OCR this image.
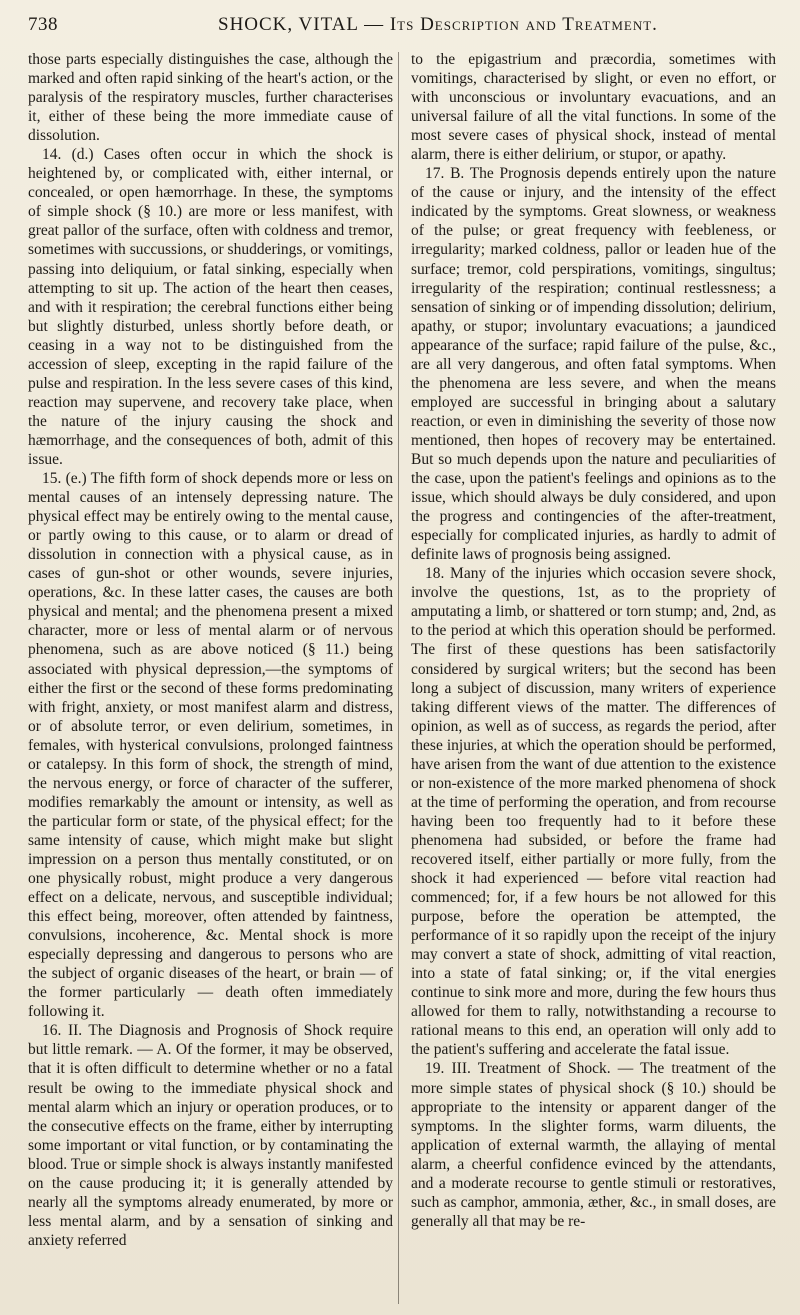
738	SHOCK, VITAL — Its Description and Treatment.

those parts especially distinguishes the case, although the marked and often rapid sinking of the heart's action, or the paralysis of the respiratory muscles, further characterises it, either of these being the more immediate cause of dissolution.

14. (d.) Cases often occur in which the shock is heightened by, or complicated with, either internal, or concealed, or open hæmorrhage. In these, the symptoms of simple shock (§ 10.) are more or less manifest, with great pallor of the surface, often with coldness and tremor, sometimes with succussions, or shudderings, or vomitings, passing into deliquium, or fatal sinking, especially when attempting to sit up. The action of the heart then ceases, and with it respiration; the cerebral functions either being but slightly disturbed, unless shortly before death, or ceasing in a way not to be distinguished from the accession of sleep, excepting in the rapid failure of the pulse and respiration. In the less severe cases of this kind, reaction may supervene, and recovery take place, when the nature of the injury causing the shock and hæmorrhage, and the consequences of both, admit of this issue.

15. (e.) The fifth form of shock depends more or less on mental causes of an intensely depressing nature. The physical effect may be entirely owing to the mental cause, or partly owing to this cause, or to alarm or dread of dissolution in connection with a physical cause, as in cases of gun-shot or other wounds, severe injuries, operations, &c. In these latter cases, the causes are both physical and mental; and the phenomena present a mixed character, more or less of mental alarm or of nervous phenomena, such as are above noticed (§ 11.) being associated with physical depression,—the symptoms of either the first or the second of these forms predominating with fright, anxiety, or most manifest alarm and distress, or of absolute terror, or even delirium, sometimes, in females, with hysterical convulsions, prolonged faintness or catalepsy. In this form of shock, the strength of mind, the nervous energy, or force of character of the sufferer, modifies remarkably the amount or intensity, as well as the particular form or state, of the physical effect; for the same intensity of cause, which might make but slight impression on a person thus mentally constituted, or on one physically robust, might produce a very dangerous effect on a delicate, nervous, and susceptible individual; this effect being, moreover, often attended by faintness, convulsions, incoherence, &c. Mental shock is more especially depressing and dangerous to persons who are the subject of organic diseases of the heart, or brain — of the former particularly — death often immediately following it.

16. II. The Diagnosis and Prognosis of Shock require but little remark. — A. Of the former, it may be observed, that it is often difficult to determine whether or no a fatal result be owing to the immediate physical shock and mental alarm which an injury or operation produces, or to the consecutive effects on the frame, either by interrupting some important or vital function, or by contaminating the blood. True or simple shock is always instantly manifested on the cause producing it; it is generally attended by nearly all the symptoms already enumerated, by more or less mental alarm, and by a sensation of sinking and anxiety referred

to the epigastrium and præcordia, sometimes with vomitings, characterised by slight, or even no effort, or with unconscious or involuntary evacuations, and an universal failure of all the vital functions. In some of the most severe cases of physical shock, instead of mental alarm, there is either delirium, or stupor, or apathy.

17. B. The Prognosis depends entirely upon the nature of the cause or injury, and the intensity of the effect indicated by the symptoms. Great slowness, or weakness of the pulse; or great frequency with feebleness, or irregularity; marked coldness, pallor or leaden hue of the surface; tremor, cold perspirations, vomitings, singultus; irregularity of the respiration; continual restlessness; a sensation of sinking or of impending dissolution; delirium, apathy, or stupor; involuntary evacuations; a jaundiced appearance of the surface; rapid failure of the pulse, &c., are all very dangerous, and often fatal symptoms. When the phenomena are less severe, and when the means employed are successful in bringing about a salutary reaction, or even in diminishing the severity of those now mentioned, then hopes of recovery may be entertained. But so much depends upon the nature and peculiarities of the case, upon the patient's feelings and opinions as to the issue, which should always be duly considered, and upon the progress and contingencies of the after-treatment, especially for complicated injuries, as hardly to admit of definite laws of prognosis being assigned.

18. Many of the injuries which occasion severe shock, involve the questions, 1st, as to the propriety of amputating a limb, or shattered or torn stump; and, 2nd, as to the period at which this operation should be performed. The first of these questions has been satisfactorily considered by surgical writers; but the second has been long a subject of discussion, many writers of experience taking different views of the matter. The differences of opinion, as well as of success, as regards the period, after these injuries, at which the operation should be performed, have arisen from the want of due attention to the existence or non-existence of the more marked phenomena of shock at the time of performing the operation, and from recourse having been too frequently had to it before these phenomena had subsided, or before the frame had recovered itself, either partially or more fully, from the shock it had experienced — before vital reaction had commenced; for, if a few hours be not allowed for this purpose, before the operation be attempted, the performance of it so rapidly upon the receipt of the injury may convert a state of shock, admitting of vital reaction, into a state of fatal sinking; or, if the vital energies continue to sink more and more, during the few hours thus allowed for them to rally, notwithstanding a recourse to rational means to this end, an operation will only add to the patient's suffering and accelerate the fatal issue.

19. III. Treatment of Shock. — The treatment of the more simple states of physical shock (§ 10.) should be appropriate to the intensity or apparent danger of the symptoms. In the slighter forms, warm diluents, the application of external warmth, the allaying of mental alarm, a cheerful confidence evinced by the attendants, and a moderate recourse to gentle stimuli or restoratives, such as camphor, ammonia, æther, &c., in small doses, are generally all that may be re-
